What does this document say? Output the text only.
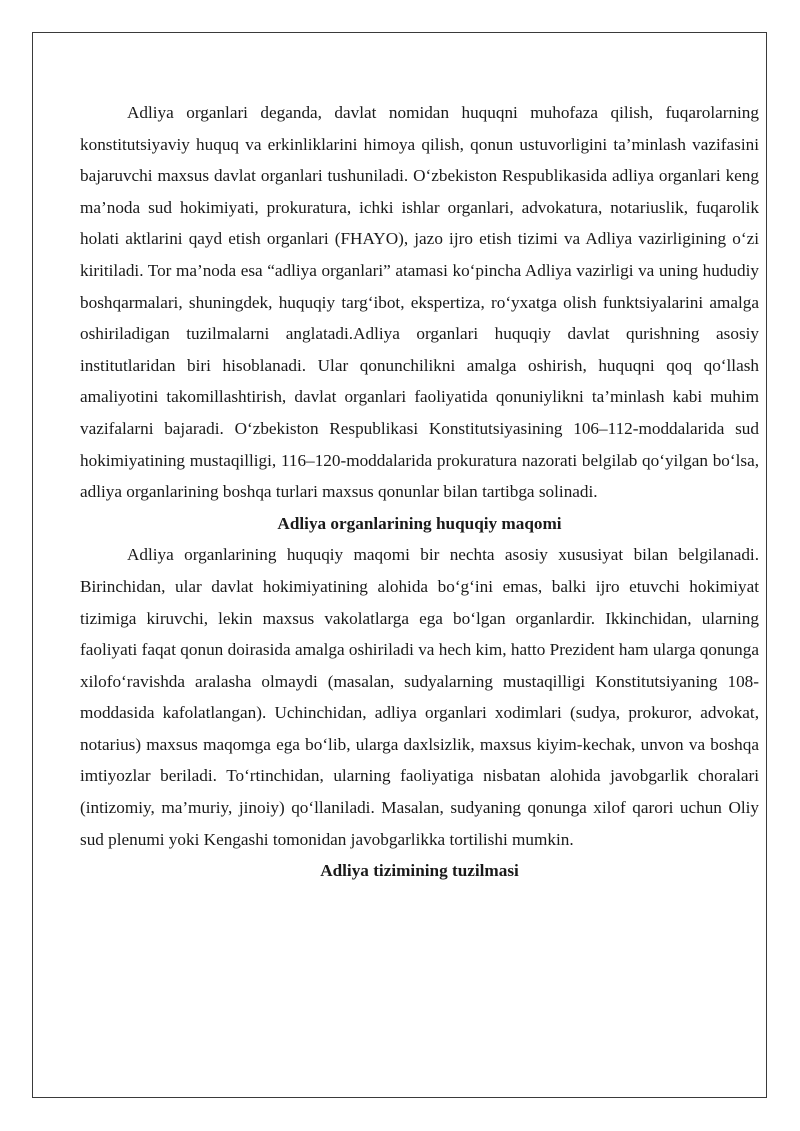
Adliya organlari deganda, davlat nomidan huquqni muhofaza qilish, fuqarolarning konstitutsiyaviy huquq va erkinliklarini himoya qilish, qonun ustuvorligini ta’minlash vazifasini bajaruvchi maxsus davlat organlari tushuniladi. O‘zbekiston Respublikasida adliya organlari keng ma’noda sud hokimiyati, prokuratura, ichki ishlar organlari, advokatura, notariuslik, fuqarolik holati aktlarini qayd etish organlari (FHAYO), jazo ijro etish tizimi va Adliya vazirligining o‘zi kiritiladi. Tor ma’noda esa “adliya organlari” atamasi ko‘pincha Adliya vazirligi va uning hududiy boshqarmalari, shuningdek, huquqiy targ‘ibot, ekspertiza, ro‘yxatga olish funktsiyalarini amalga oshiriladigan tuzilmalarni anglatadi.Adliya organlari huquqiy davlat qurishning asosiy institutlaridan biri hisoblanadi. Ular qonunchilikni amalga oshirish, huquqni qoq qo‘llash amaliyotini takomillashtirish, davlat organlari faoliyatida qonuniylikni ta’minlash kabi muhim vazifalarni bajaradi. O‘zbekiston Respublikasi Konstitutsiyasining 106–112-moddalarida sud hokimiyatining mustaqilligi, 116–120-moddalarida prokuratura nazorati belgilab qo‘yilgan bo‘lsa, adliya organlarining boshqa turlari maxsus qonunlar bilan tartibga solinadi.

Adliya organlarining huquqiy maqomi

Adliya organlarining huquqiy maqomi bir nechta asosiy xususiyat bilan belgilanadi. Birinchidan, ular davlat hokimiyatining alohida bo‘g‘ini emas, balki ijro etuvchi hokimiyat tizimiga kiruvchi, lekin maxsus vakolatlarga ega bo‘lgan organlardir. Ikkinchidan, ularning faoliyati faqat qonun doirasida amalga oshiriladi va hech kim, hatto Prezident ham ularga qonunga xilofo‘ravishda aralasha olmaydi (masalan, sudyalarning mustaqilligi Konstitutsiyaning 108-moddasida kafolatlangan). Uchinchidan, adliya organlari xodimlari (sudya, prokuror, advokat, notarius) maxsus maqomga ega bo‘lib, ularga daxlsizlik, maxsus kiyim-kechak, unvon va boshqa imtiyozlar beriladi. To‘rtinchidan, ularning faoliyatiga nisbatan alohida javobgarlik choralari (intizomiy, ma’muriy, jinoiy) qo‘llaniladi. Masalan, sudyaning qonunga xilof qarori uchun Oliy sud plenumi yoki Kengashi tomonidan javobgarlikka tortilishi mumkin.

Adliya tizimining tuzilmasi
